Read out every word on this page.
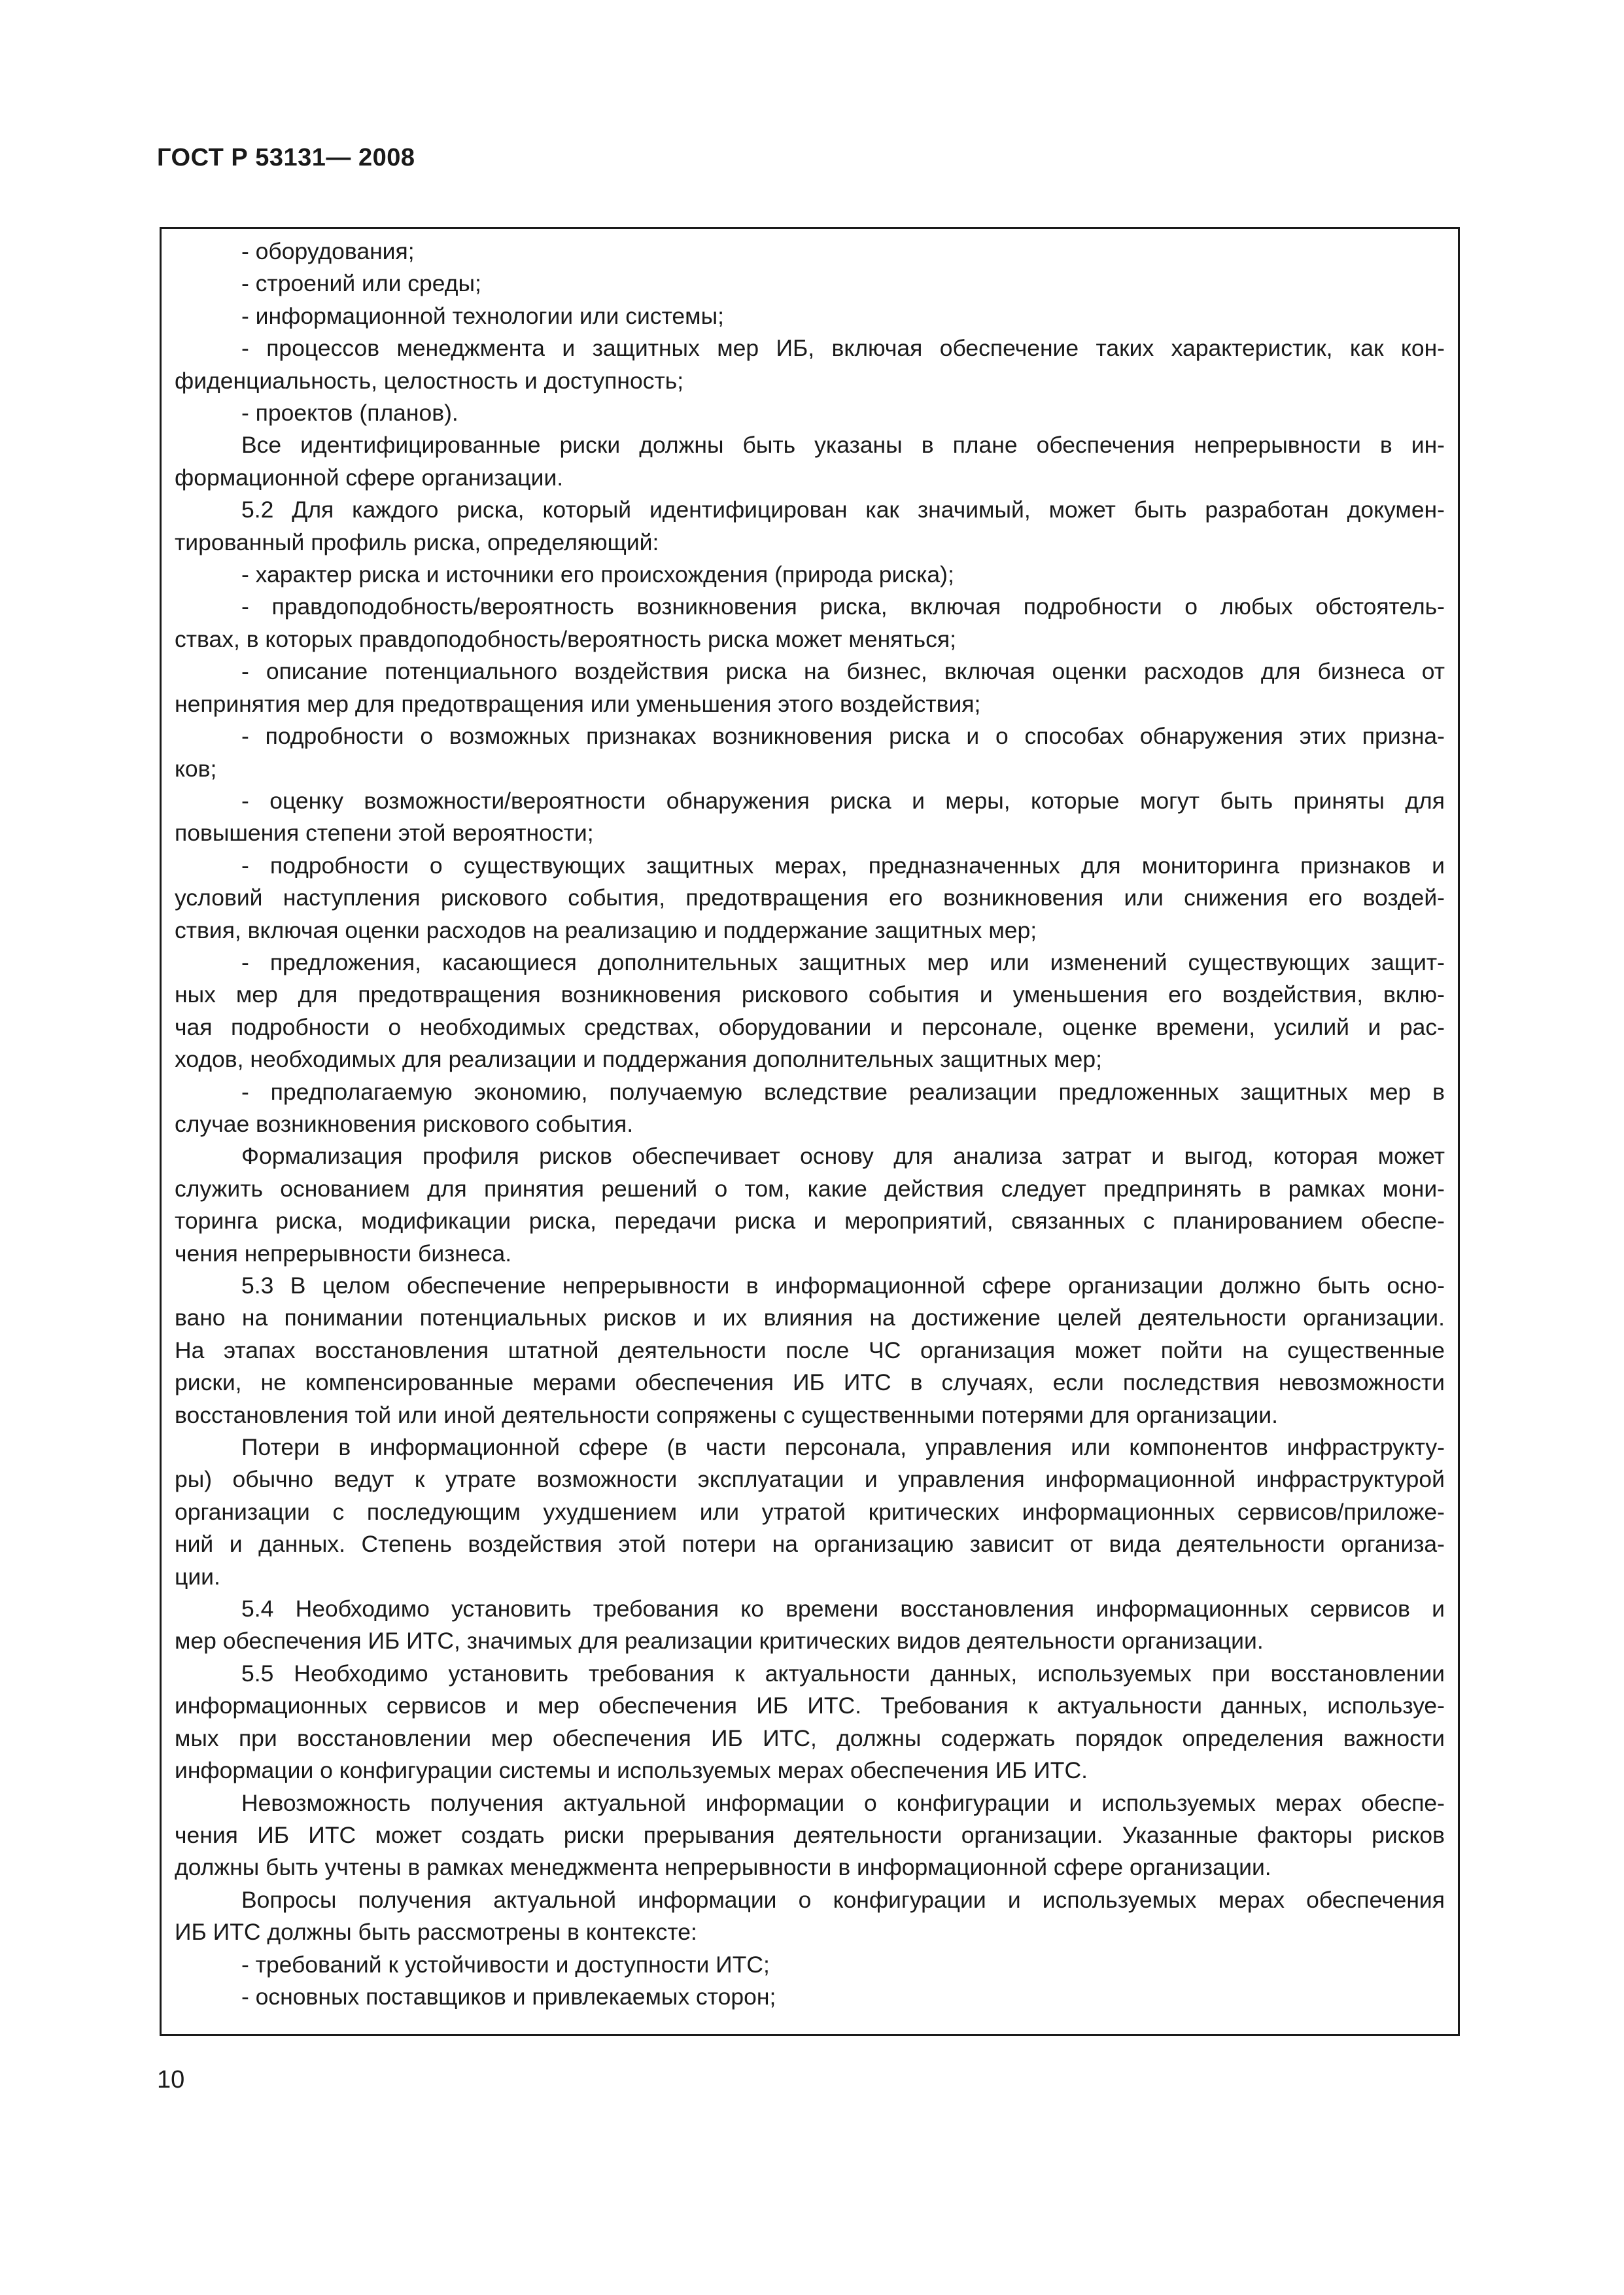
ГОСТ Р 53131— 2008
- оборудования;
- строений или среды;
- информационной технологии или системы;
- процессов менеджмента и защитных мер ИБ, включая обеспечение таких характеристик, как кон-
фиденциальность, целостность и доступность;
- проектов (планов).
Все идентифицированные риски должны быть указаны в плане обеспечения непрерывности в ин-
формационной сфере организации.
5.2 Для каждого риска, который идентифицирован как значимый, может быть разработан докумен-
тированный профиль риска, определяющий:
- характер риска и источники его происхождения (природа риска);
- правдоподобность/вероятность возникновения риска, включая подробности о любых обстоятель-
ствах, в которых правдоподобность/вероятность риска может меняться;
- описание потенциального воздействия риска на бизнес, включая оценки расходов для бизнеса от
непринятия мер для предотвращения или уменьшения этого воздействия;
- подробности о возможных признаках возникновения риска и о способах обнаружения этих призна-
ков;
- оценку возможности/вероятности обнаружения риска и меры, которые могут быть приняты для
повышения степени этой вероятности;
- подробности о существующих защитных мерах, предназначенных для мониторинга признаков и
условий наступления рискового события, предотвращения его возникновения или снижения его воздей-
ствия, включая оценки расходов на реализацию и поддержание защитных мер;
- предложения, касающиеся дополнительных защитных мер или изменений существующих защит-
ных мер для предотвращения возникновения рискового события и уменьшения его воздействия, вклю-
чая подробности о необходимых средствах, оборудовании и персонале, оценке времени, усилий и рас-
ходов, необходимых для реализации и поддержания дополнительных защитных мер;
- предполагаемую экономию, получаемую вследствие реализации предложенных защитных мер в
случае возникновения рискового события.
Формализация профиля рисков обеспечивает основу для анализа затрат и выгод, которая может
служить основанием для принятия решений о том, какие действия следует предпринять в рамках мони-
торинга риска, модификации риска, передачи риска и мероприятий, связанных с планированием обеспе-
чения непрерывности бизнеса.
5.3 В целом обеспечение непрерывности в информационной сфере организации должно быть осно-
вано на понимании потенциальных рисков и их влияния на достижение целей деятельности организации.
На этапах восстановления штатной деятельности после ЧС организация может пойти на существенные
риски, не компенсированные мерами обеспечения ИБ ИТС в случаях, если последствия невозможности
восстановления той или иной деятельности сопряжены с существенными потерями для организации.
Потери в информационной сфере (в части персонала, управления или компонентов инфраструкту-
ры) обычно ведут к утрате возможности эксплуатации и управления информационной инфраструктурой
организации с последующим ухудшением или утратой критических информационных сервисов/приложе-
ний и данных. Степень воздействия этой потери на организацию зависит от вида деятельности организа-
ции.
5.4 Необходимо установить требования ко времени восстановления информационных сервисов и
мер обеспечения ИБ ИТС, значимых для реализации критических видов деятельности организации.
5.5 Необходимо установить требования к актуальности данных, используемых при восстановлении
информационных сервисов и мер обеспечения ИБ ИТС. Требования к актуальности данных, используе-
мых при восстановлении мер обеспечения ИБ ИТС, должны содержать порядок определения важности
информации о конфигурации системы и используемых мерах обеспечения ИБ ИТС.
Невозможность получения актуальной информации о конфигурации и используемых мерах обеспе-
чения ИБ ИТС может создать риски прерывания деятельности организации. Указанные факторы рисков
должны быть учтены в рамках менеджмента непрерывности в информационной сфере организации.
Вопросы получения актуальной информации о конфигурации и используемых мерах обеспечения
ИБ ИТС должны быть рассмотрены в контексте:
- требований к устойчивости и доступности ИТС;
- основных поставщиков и привлекаемых сторон;
10
